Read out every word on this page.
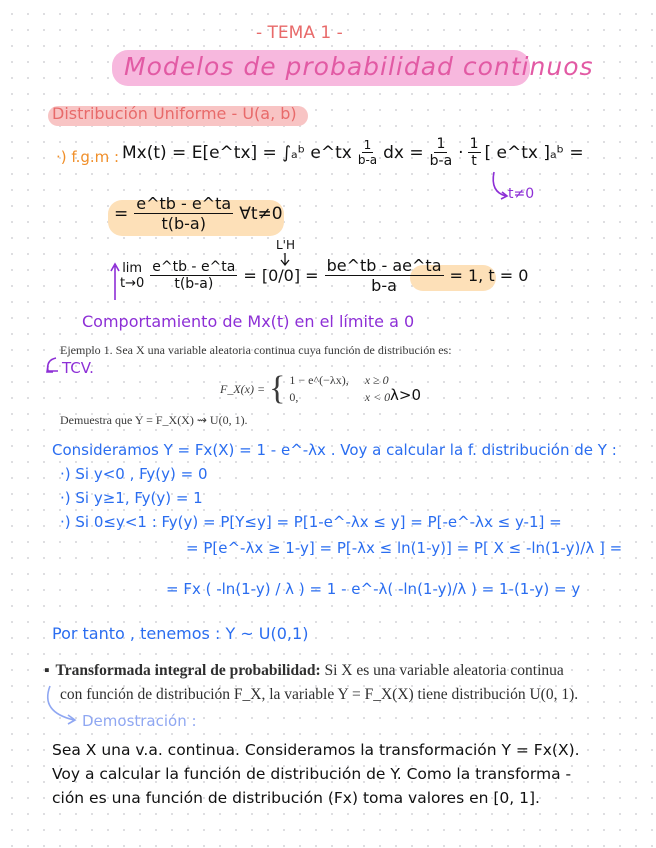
- TEMA 1 -
Modelos de probabilidad continuos
Distribución Uniforme - U(a, b)
·) f.g.m : Mx(t) = E[e^tx] = ∫ₐᵇ e^tx $\frac{1}{b-a}$ dx = $\frac{1}{b-a} \cdot \frac{1}{t}$ [ e^tx ]ₐᵇ =
t≠0
= $\frac{e\^{}tb - e\^{}ta}{t(b-a)}$ ∀t≠0
L'H
lim
$t\to 0 \frac{e\^{}tb - e\^{}ta}{t(b-a)} = [0/0] = \frac{be\^{}tb - ae\^{}ta}{b-a} = 1$, t = 0
Comportamiento de Mx(t) en el límite a 0
TCV.
Ejemplo 1. Sea X una variable aleatoria continua cuya función de distribución es:
F_X(x) = { 1 − e^(−λx), x ≥ 0
0,	x < 0 λ>0
Demuestra que Y = F_X(X) ⇝ U(0, 1).
Consideramos Y = Fx(X) = 1 - e^-λx . Voy a calcular la f. distribución de Y :
·) Si y<0 , Fy(y) = 0
·) Si y≥1, Fy(y) = 1
·) Si 0≤y<1 : Fy(y) = P[Y≤y] = P[1-e^-λx ≤ y] = P[-e^-λx ≤ y-1] =
= P[e^-λx ≥ 1-y] = P[-λx ≤ ln(1-y)] = P[ X ≤ -ln(1-y)/λ ] =
= Fx ( -ln(1-y) / λ ) = 1 - e^-λ( -ln(1-y)/λ ) = 1-(1-y) = y
Por tanto , tenemos : Y ~ U(0,1)
▪ Transformada integral de probabilidad: Si X es una variable aleatoria continua
con función de distribución F_X, la variable Y = F_X(X) tiene distribución U(0, 1).
Demostración :
Sea X una v.a. continua. Consideramos la transformación Y = Fx(X).
Voy a calcular la función de distribución de Y. Como la transforma -
ción es una función de distribución (Fx) toma valores en [0, 1].
